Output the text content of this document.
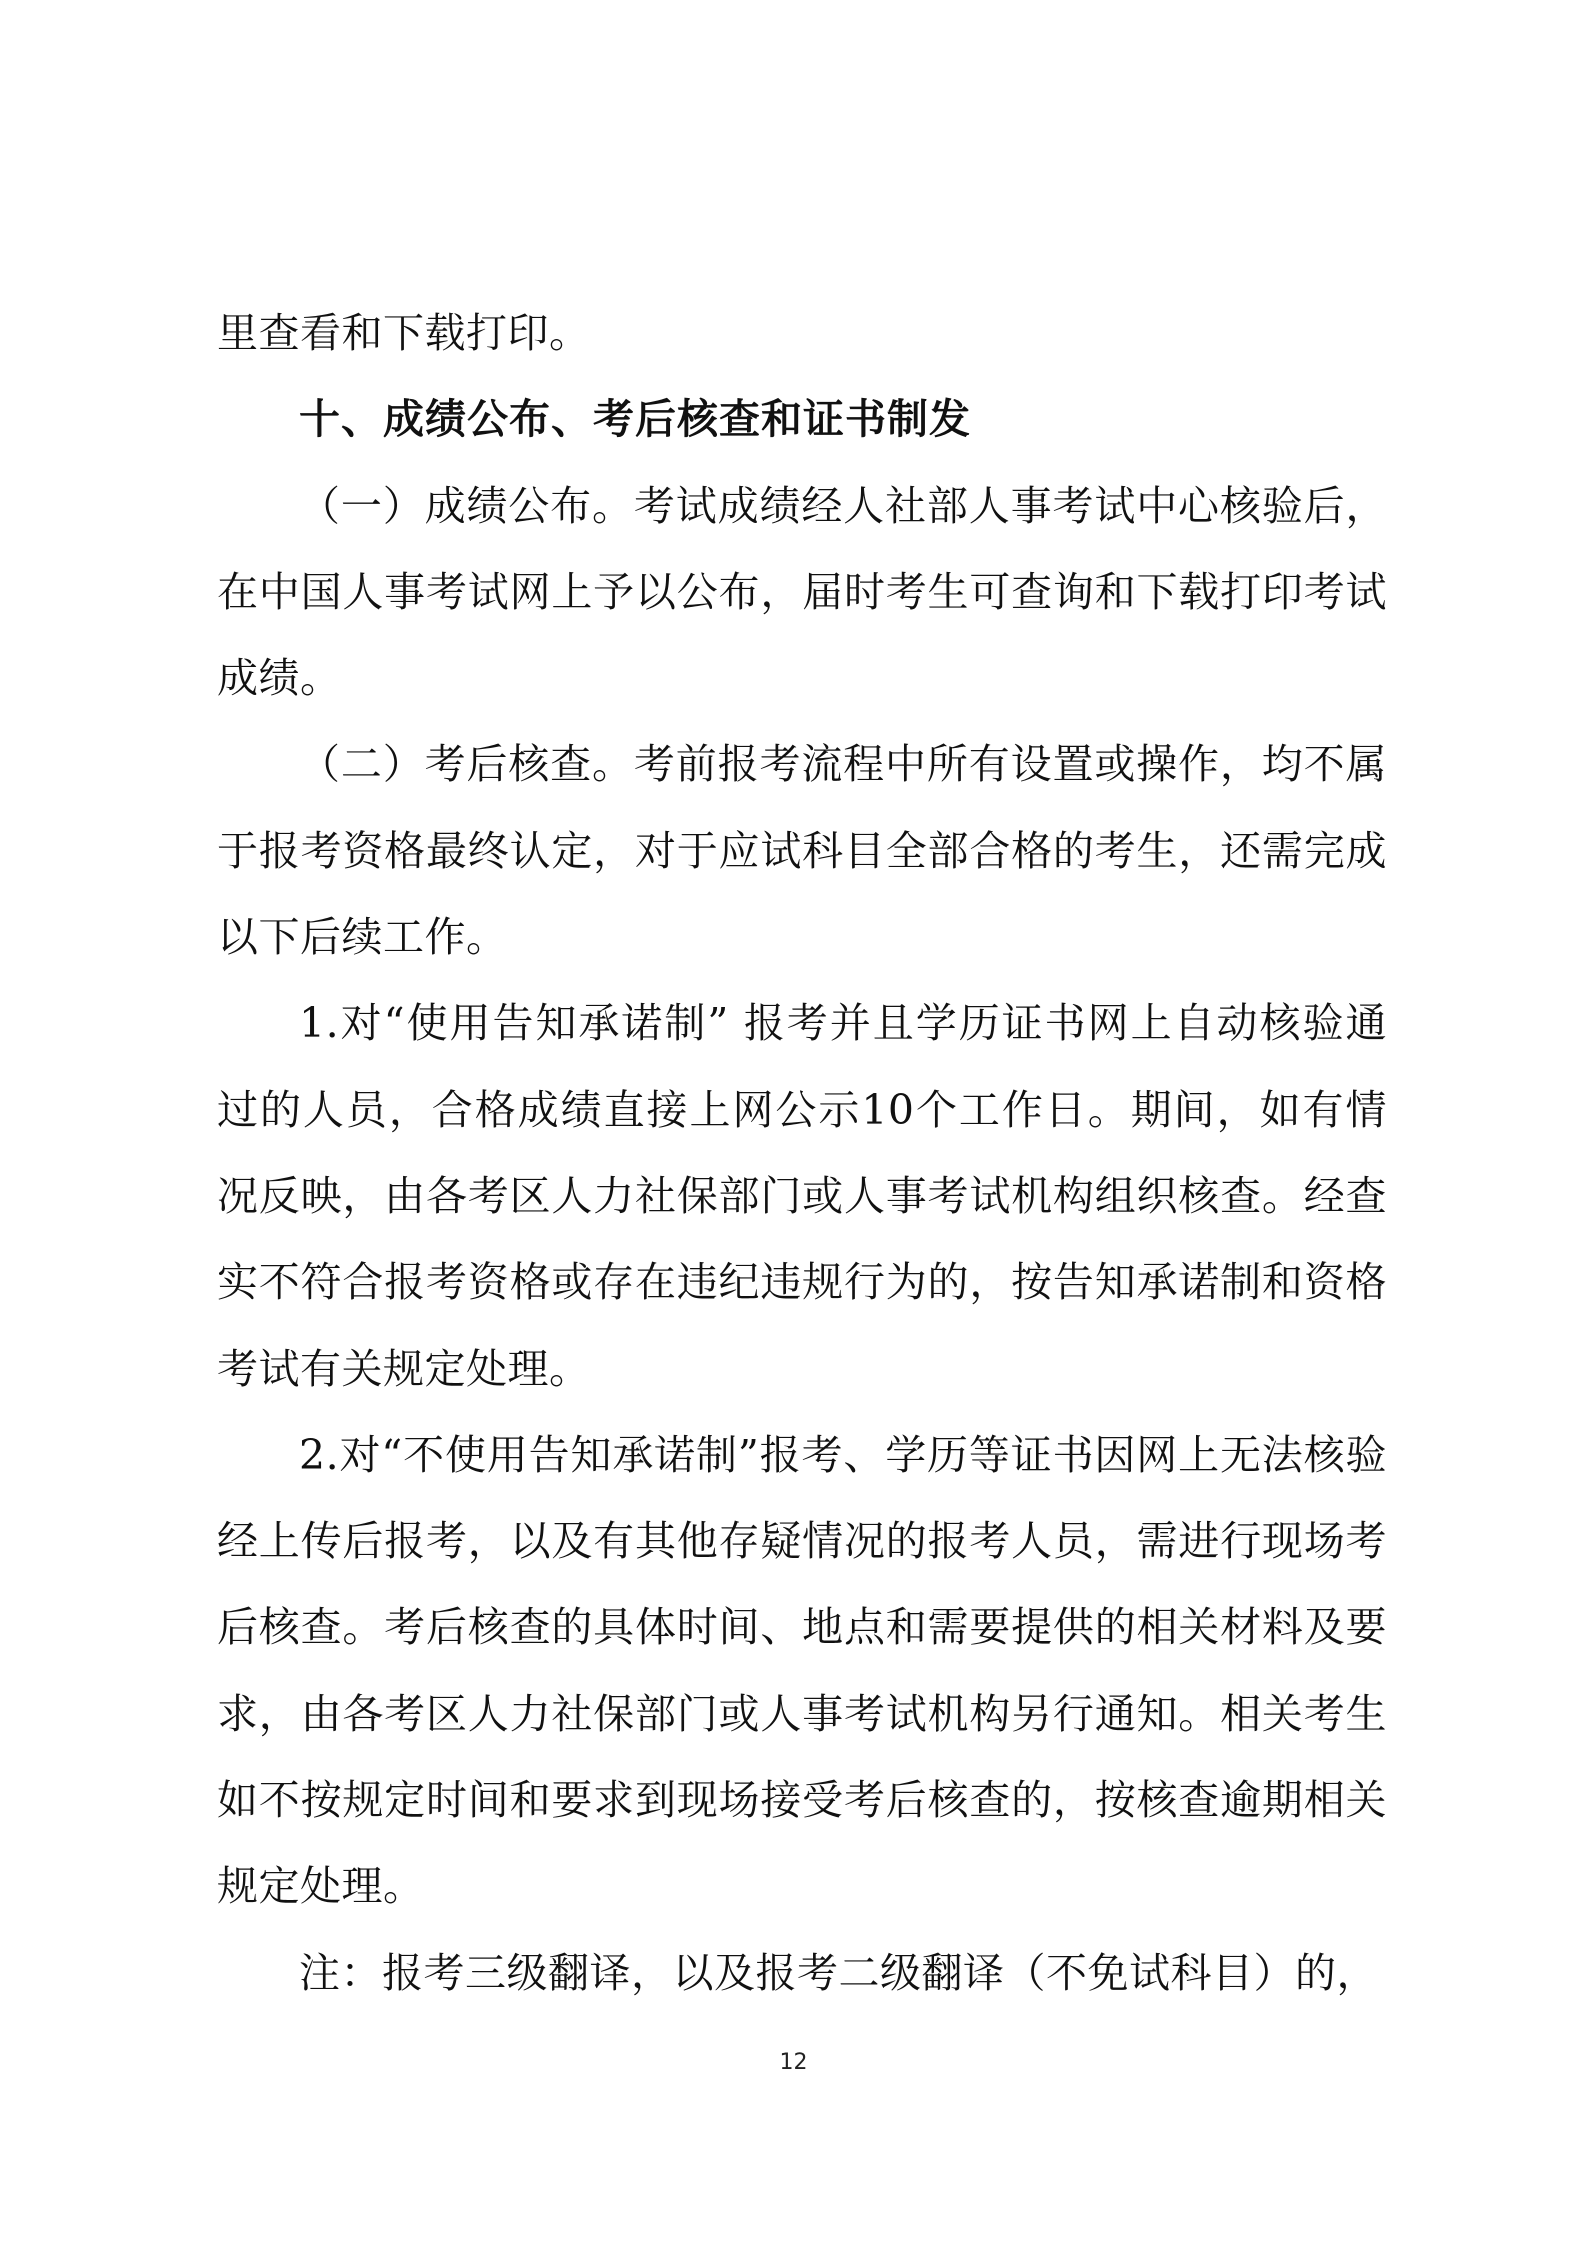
里查看和下载打印。

十、成绩公布、考后核查和证书制发

（一）成绩公布。考试成绩经人社部人事考试中心核验后，在中国人事考试网上予以公布，届时考生可查询和下载打印考试成绩。

（二）考后核查。考前报考流程中所有设置或操作，均不属于报考资格最终认定，对于应试科目全部合格的考生，还需完成以下后续工作。

1.对“使用告知承诺制” 报考并且学历证书网上自动核验通过的人员，合格成绩直接上网公示10个工作日。期间，如有情况反映，由各考区人力社保部门或人事考试机构组织核查。经查实不符合报考资格或存在违纪违规行为的，按告知承诺制和资格考试有关规定处理。

2.对“不使用告知承诺制”报考、学历等证书因网上无法核验经上传后报考，以及有其他存疑情况的报考人员，需进行现场考后核查。考后核查的具体时间、地点和需要提供的相关材料及要求，由各考区人力社保部门或人事考试机构另行通知。相关考生如不按规定时间和要求到现场接受考后核查的，按核查逾期相关规定处理。

注：报考三级翻译，以及报考二级翻译（不免试科目）的，

12
